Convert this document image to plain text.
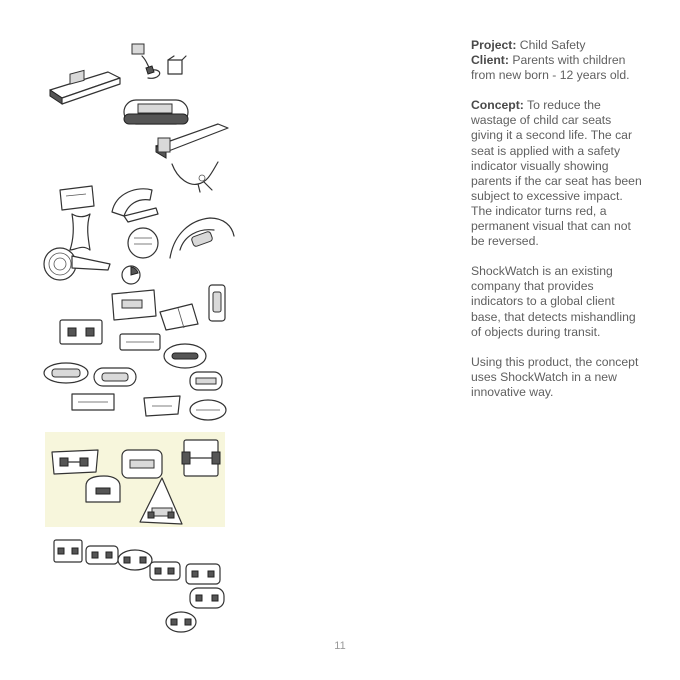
Project: Child Safety
Client: Parents with children from new born - 12 years old.

Concept: To reduce the wastage of child car seats giving it a second life. The car seat is applied with a safety indicator visually showing parents if the car seat has been subject to excessive impact. The indicator turns red, a permanent visual that can not be reversed.

ShockWatch is an existing company that provides indicators to a global client base, that detects mishandling of objects during transit.

Using this product, the concept uses ShockWatch in a new innovative way.

11
